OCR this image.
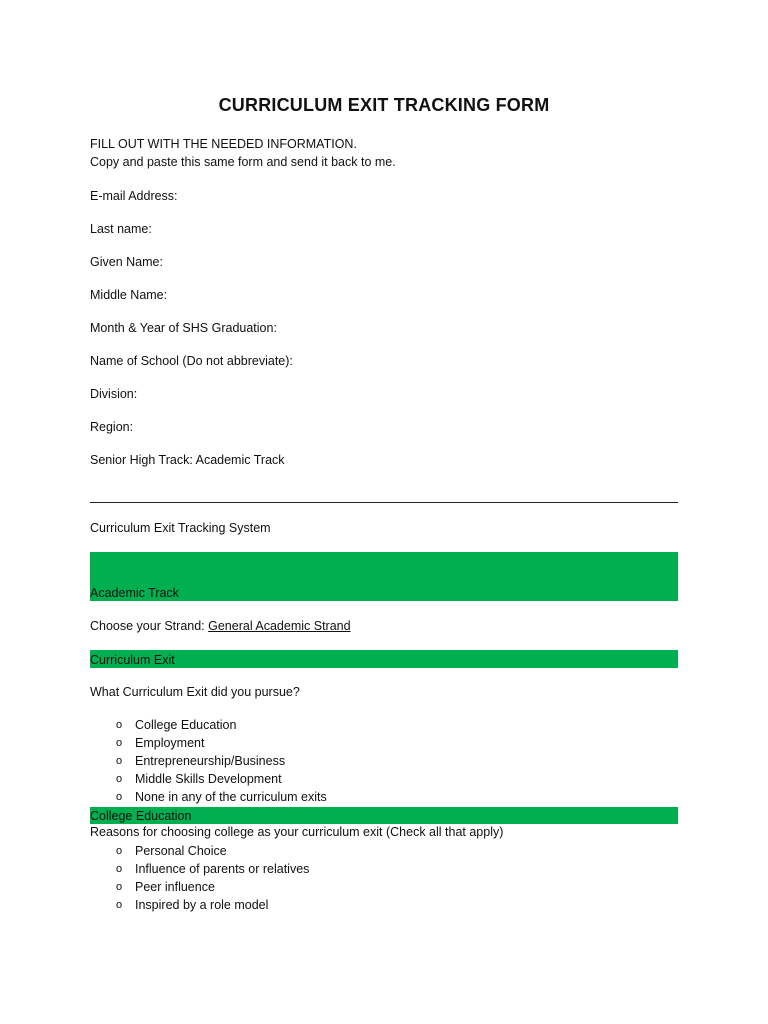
CURRICULUM EXIT TRACKING FORM
FILL OUT WITH THE NEEDED INFORMATION.
Copy and paste this same form and send it back to me.
E-mail Address:
Last name:
Given Name:
Middle Name:
Month & Year of SHS Graduation:
Name of School (Do not abbreviate):
Division:
Region:
Senior High Track: Academic Track
Curriculum Exit Tracking System
Academic Track
Choose your Strand: General Academic Strand
Curriculum Exit
What Curriculum Exit did you pursue?
o College Education
o Employment
o Entrepreneurship/Business
o Middle Skills Development
o None in any of the curriculum exits
College Education
Reasons for choosing college as your curriculum exit (Check all that apply)
o Personal Choice
o Influence of parents or relatives
o Peer influence
o Inspired by a role model
